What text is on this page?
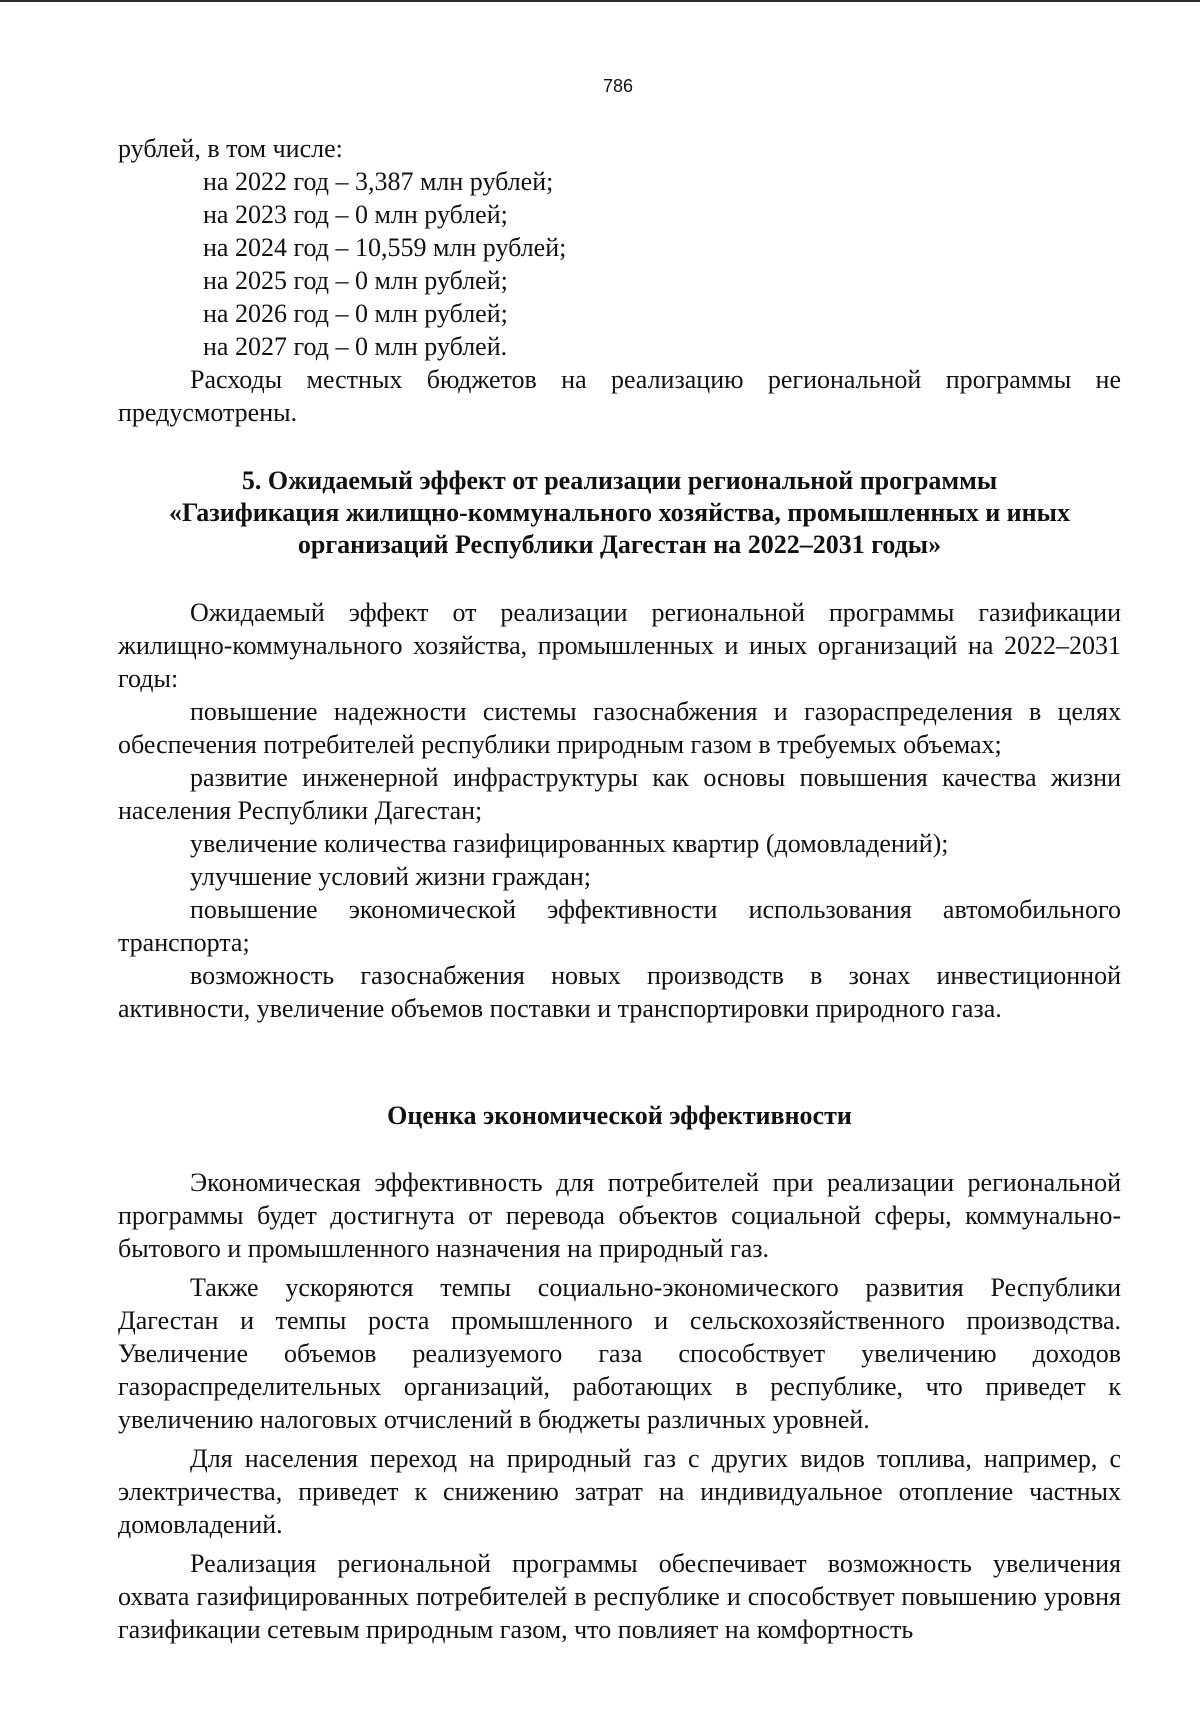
786

рублей, в том числе:

на 2022 год – 3,387 млн рублей;
на 2023 год – 0 млн рублей;
на 2024 год – 10,559 млн рублей;
на 2025 год – 0 млн рублей;
на 2026 год – 0 млн рублей;
на 2027 год – 0 млн рублей.

Расходы местных бюджетов на реализацию региональной программы не предусмотрены.

5. Ожидаемый эффект от реализации региональной программы
«Газификация жилищно-коммунального хозяйства, промышленных и иных
организаций Республики Дагестан на 2022–2031 годы»

Ожидаемый эффект от реализации региональной программы газификации жилищно-коммунального хозяйства, промышленных и иных организаций на 2022–2031 годы:

повышение надежности системы газоснабжения и газораспределения в целях обеспечения потребителей республики природным газом в требуемых объемах;

развитие инженерной инфраструктуры как основы повышения качества жизни населения Республики Дагестан;

увеличение количества газифицированных квартир (домовладений);

улучшение условий жизни граждан;

повышение экономической эффективности использования автомобильного транспорта;

возможность газоснабжения новых производств в зонах инвестиционной активности, увеличение объемов поставки и транспортировки природного газа.

Оценка экономической эффективности

Экономическая эффективность для потребителей при реализации региональной программы будет достигнута от перевода объектов социальной сферы, коммунально-бытового и промышленного назначения на природный газ.

Также ускоряются темпы социально-экономического развития Республики Дагестан и темпы роста промышленного и сельскохозяйственного производства. Увеличение объемов реализуемого газа способствует увеличению доходов газораспределительных организаций, работающих в республике, что приведет к увеличению налоговых отчислений в бюджеты различных уровней.

Для населения переход на природный газ с других видов топлива, например, с электричества, приведет к снижению затрат на индивидуальное отопление частных домовладений.

Реализация региональной программы обеспечивает возможность увеличения охвата газифицированных потребителей в республике и способствует повышению уровня газификации сетевым природным газом, что повлияет на комфортность
